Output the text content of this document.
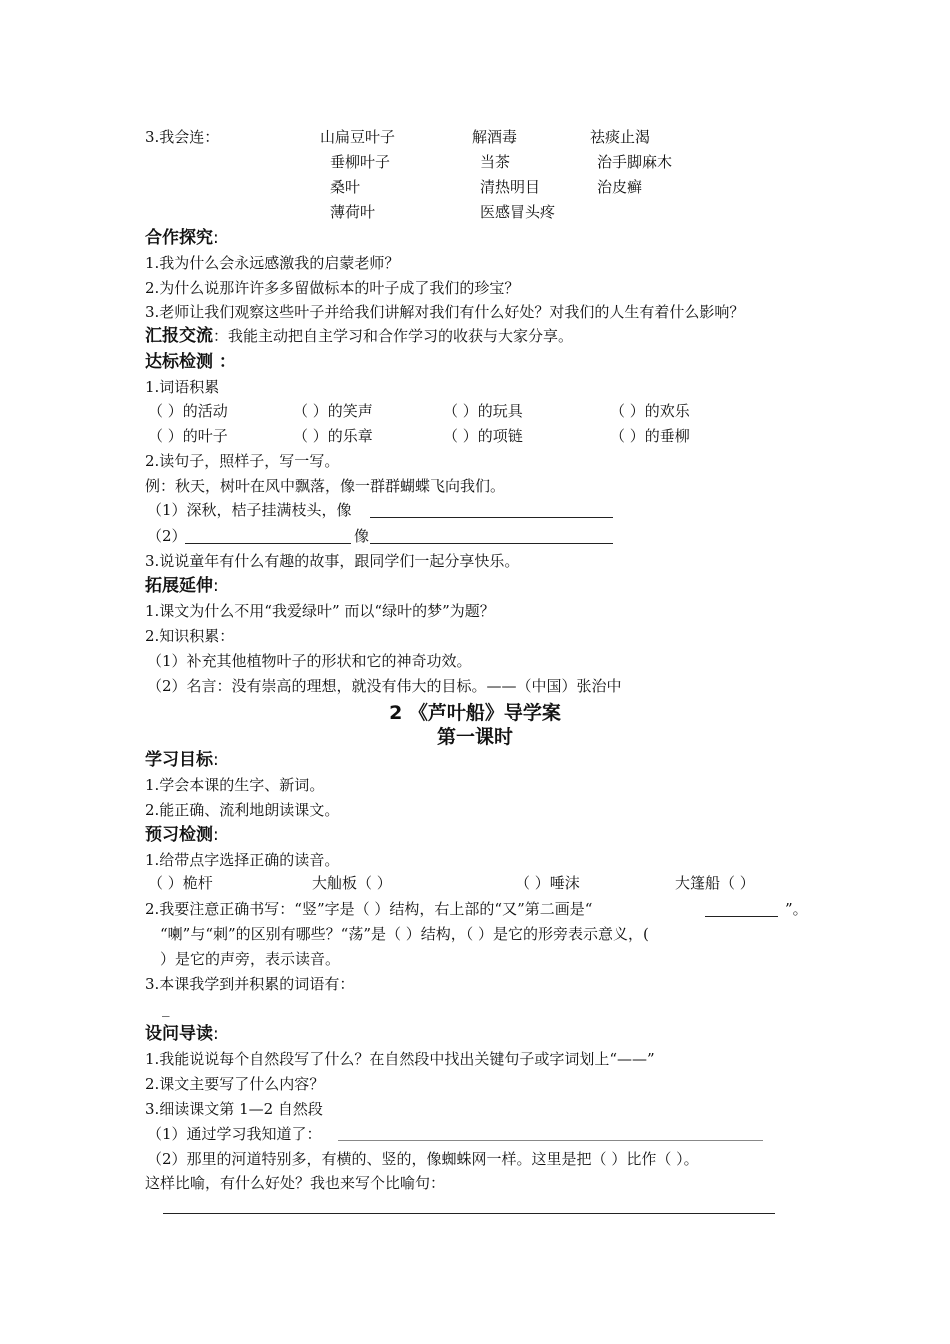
3.我会连：	山扁豆叶子	解酒毒	祛痰止渴
垂柳叶子	当茶	治手脚麻木
桑叶	清热明目	治皮癣
薄荷叶	医感冒头疼
合作探究:
1.我为什么会永远感激我的启蒙老师？
2.为什么说那许许多多留做标本的叶子成了我们的珍宝？
3.老师让我们观察这些叶子并给我们讲解对我们有什么好处？对我们的人生有着什么影响？
汇报交流：我能主动把自主学习和合作学习的收获与大家分享。
达标检测 ：
1.词语积累
（ ）的活动	（ ）的笑声	（ ）的玩具	（ ）的欢乐
（ ）的叶子	（ ）的乐章	（ ）的项链	（ ）的垂柳
2.读句子，照样子，写一写。
例：秋天，树叶在风中飘落，像一群群蝴蝶飞向我们。
（1）深秋，桔子挂满枝头，像
（2）	像
3.说说童年有什么有趣的故事，跟同学们一起分享快乐。
拓展延伸:
1.课文为什么不用“我爱绿叶” 而以“绿叶的梦”为题？
2.知识积累：
（1）补充其他植物叶子的形状和它的神奇功效。
（2）名言：没有崇高的理想，就没有伟大的目标。——（中国）张治中
2 《芦叶船》导学案
第一课时
学习目标:
1.学会本课的生字、新词。
2.能正确、流利地朗读课文。
预习检测:
1.给带点字选择正确的读音。
（ ）桅杆	大舢板（ ）	（ ）唾沫	大篷船（ ）
2.我要注意正确书写：“竖”字是（ ）结构，右上部的“又”第二画是“	”。
“喇”与“刺”的区别有哪些？“荡”是（ ）结构，（ ）是它的形旁表示意义，(
）是它的声旁，表示读音。
3.本课我学到并积累的词语有：
_
设问导读:
1.我能说说每个自然段写了什么？在自然段中找出关键句子或字词划上“——”
2.课文主要写了什么内容？
3.细读课文第 1—2 自然段
（1）通过学习我知道了：
（2）那里的河道特别多，有横的、竖的，像蜘蛛网一样。这里是把（ ）比作（ ）。
这样比喻，有什么好处？我也来写个比喻句：
